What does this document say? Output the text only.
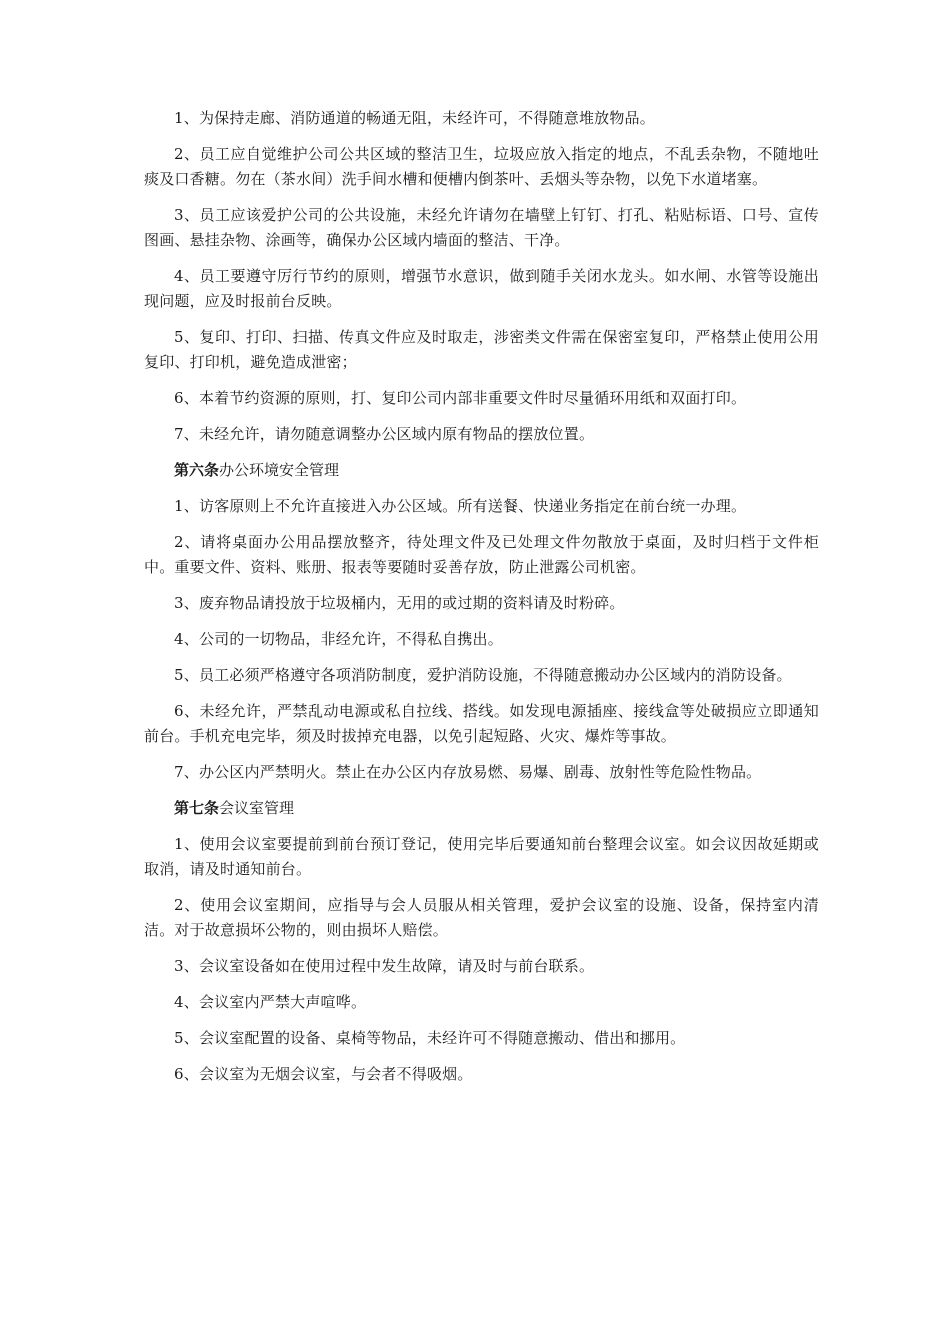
1、为保持走廊、消防通道的畅通无阻，未经许可，不得随意堆放物品。

2、员工应自觉维护公司公共区域的整洁卫生，垃圾应放入指定的地点，不乱丢杂物，不随地吐痰及口香糖。勿在（茶水间）洗手间水槽和便槽内倒茶叶、丢烟头等杂物，以免下水道堵塞。

3、员工应该爱护公司的公共设施，未经允许请勿在墙壁上钉钉、打孔、粘贴标语、口号、宣传图画、悬挂杂物、涂画等，确保办公区域内墙面的整洁、干净。

4、员工要遵守厉行节约的原则，增强节水意识，做到随手关闭水龙头。如水闸、水管等设施出现问题，应及时报前台反映。

5、复印、打印、扫描、传真文件应及时取走，涉密类文件需在保密室复印，严格禁止使用公用复印、打印机，避免造成泄密；

6、本着节约资源的原则，打、复印公司内部非重要文件时尽量循环用纸和双面打印。

7、未经允许，请勿随意调整办公区域内原有物品的摆放位置。

第六条办公环境安全管理

1、访客原则上不允许直接进入办公区域。所有送餐、快递业务指定在前台统一办理。

2、请将桌面办公用品摆放整齐，待处理文件及已处理文件勿散放于桌面，及时归档于文件柜中。重要文件、资料、账册、报表等要随时妥善存放，防止泄露公司机密。

3、废弃物品请投放于垃圾桶内，无用的或过期的资料请及时粉碎。

4、公司的一切物品，非经允许，不得私自携出。

5、员工必须严格遵守各项消防制度，爱护消防设施，不得随意搬动办公区域内的消防设备。

6、未经允许，严禁乱动电源或私自拉线、搭线。如发现电源插座、接线盒等处破损应立即通知前台。手机充电完毕，须及时拔掉充电器，以免引起短路、火灾、爆炸等事故。

7、办公区内严禁明火。禁止在办公区内存放易燃、易爆、剧毒、放射性等危险性物品。

第七条会议室管理

1、使用会议室要提前到前台预订登记，使用完毕后要通知前台整理会议室。如会议因故延期或取消，请及时通知前台。

2、使用会议室期间，应指导与会人员服从相关管理，爱护会议室的设施、设备，保持室内清洁。对于故意损坏公物的，则由损坏人赔偿。

3、会议室设备如在使用过程中发生故障，请及时与前台联系。

4、会议室内严禁大声喧哗。

5、会议室配置的设备、桌椅等物品，未经许可不得随意搬动、借出和挪用。

6、会议室为无烟会议室，与会者不得吸烟。
